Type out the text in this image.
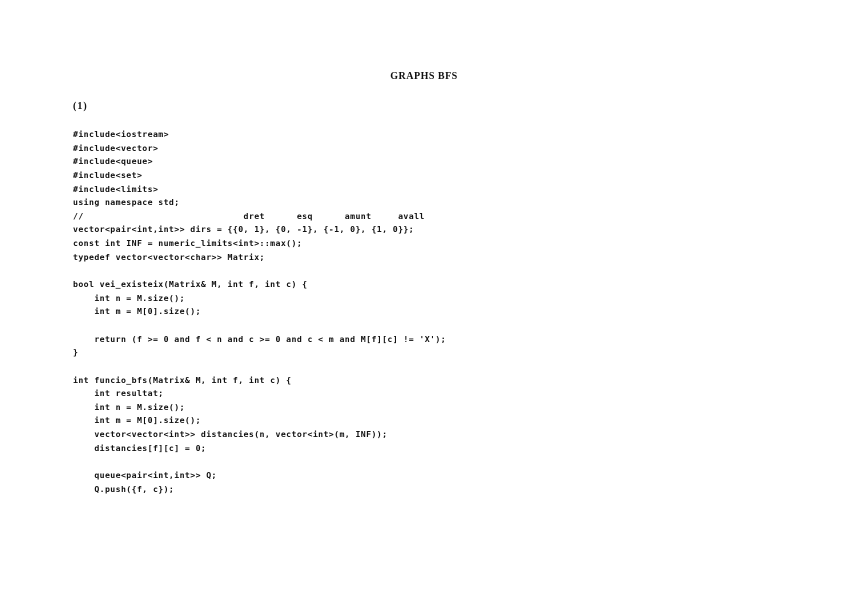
GRAPHS BFS
(1)
#include<iostream>
#include<vector>
#include<queue>
#include<set>
#include<limits>
using namespace std;
//                              dret      esq      amunt     avall
vector<pair<int,int>> dirs = {{0, 1}, {0, -1}, {-1, 0}, {1, 0}};
const int INF = numeric_limits<int>::max();
typedef vector<vector<char>> Matrix;
bool vei_existeix(Matrix& M, int f, int c) {
int n = M.size();
int m = M[0].size();
return (f >= 0 and f < n and c >= 0 and c < m and M[f][c] != 'X');
}
int funcio_bfs(Matrix& M, int f, int c) {
int resultat;
int n = M.size();
int m = M[0].size();
vector<vector<int>> distancies(n, vector<int>(m, INF));
distancies[f][c] = 0;
queue<pair<int,int>> Q;
Q.push({f, c});
